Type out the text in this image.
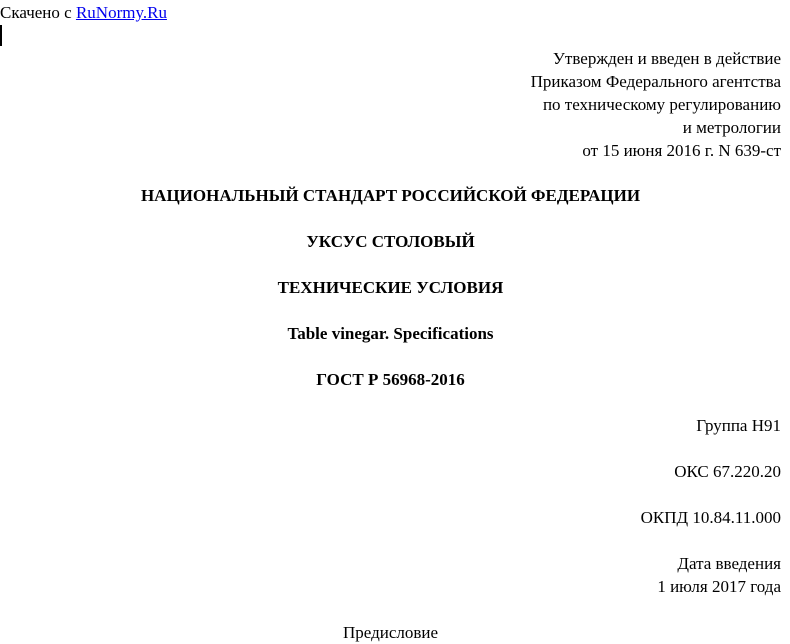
Скачено с RuNormy.Ru
Утвержден и введен в действие
Приказом Федерального агентства
по техническому регулированию
и метрологии
от 15 июня 2016 г. N 639-ст
НАЦИОНАЛЬНЫЙ СТАНДАРТ РОССИЙСКОЙ ФЕДЕРАЦИИ
УКСУС СТОЛОВЫЙ
ТЕХНИЧЕСКИЕ УСЛОВИЯ
Table vinegar. Specifications
ГОСТ Р 56968-2016
Группа Н91
ОКС 67.220.20
ОКПД 10.84.11.000
Дата введения
1 июля 2017 года
Предисловие
